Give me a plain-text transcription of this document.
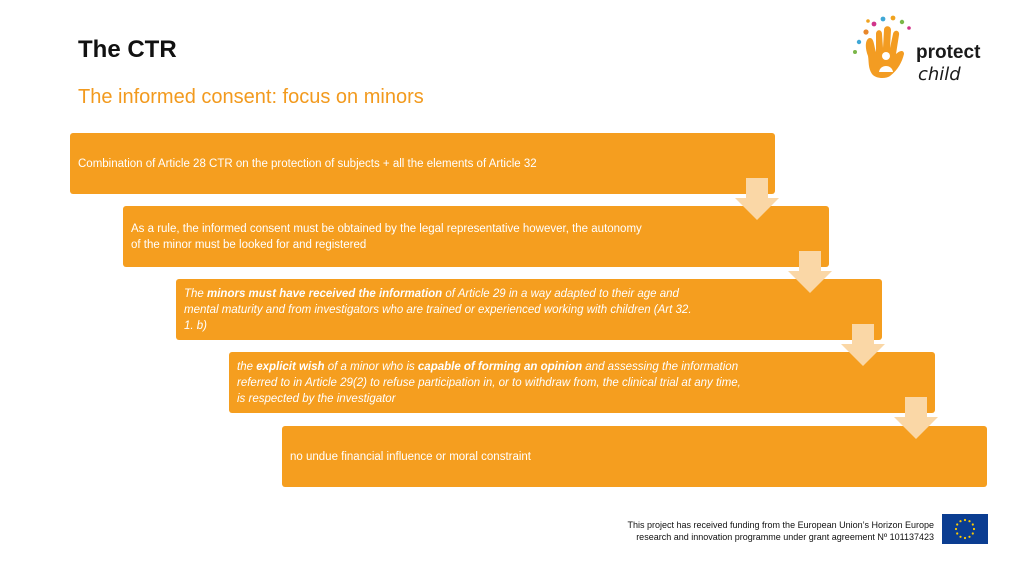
The CTR
The informed consent: focus on minors
protect
child
Combination of Article 28 CTR on the protection of subjects + all the elements of Article 32
As a rule, the informed consent must be obtained by the legal representative however, the autonomy
of the minor must be looked for and registered
The minors must have received the information of Article 29 in a way adapted to their age and
mental maturity and from investigators who are trained or experienced working with children (Art 32.
1. b)
the explicit wish of a minor who is capable of forming an opinion and assessing the information
referred to in Article 29(2) to refuse participation in, or to withdraw from, the clinical trial at any time,
is respected by the investigator
no undue financial influence or moral constraint
This project has received funding from the European Union’s Horizon Europe
research and innovation programme under grant agreement Nº 101137423
